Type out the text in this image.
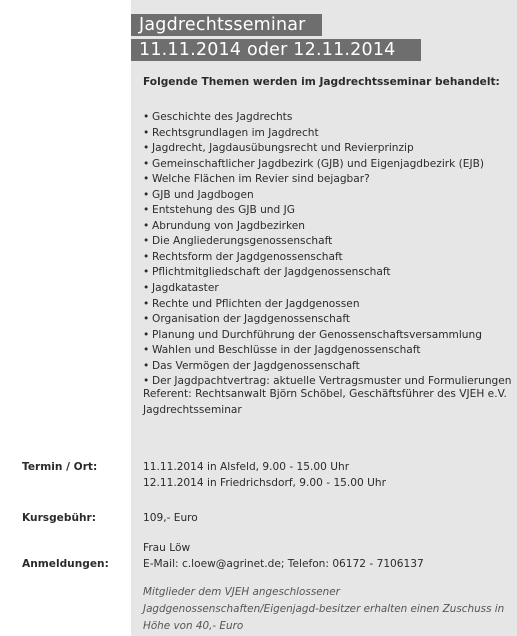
Jagdrechtsseminar
11.11.2014 oder 12.11.2014
Folgende Themen werden im Jagdrechtsseminar behandelt:
• Geschichte des Jagdrechts
• Rechtsgrundlagen im Jagdrecht
• Jagdrecht, Jagdausübungsrecht und Revierprinzip
• Gemeinschaftlicher Jagdbezirk (GJB) und Eigenjagdbezirk (EJB)
• Welche Flächen im Revier sind bejagbar?
• GJB und Jagdbogen
• Entstehung des GJB und JG
• Abrundung von Jagdbezirken
• Die Angliederungsgenossenschaft
• Rechtsform der Jagdgenossenschaft
• Pflichtmitgliedschaft der Jagdgenossenschaft
• Jagdkataster
• Rechte und Pflichten der Jagdgenossen
• Organisation der Jagdgenossenschaft
• Planung und Durchführung der Genossenschaftsversammlung
• Wahlen und Beschlüsse in der Jagdgenossenschaft
• Das Vermögen der Jagdgenossenschaft
• Der Jagdpachtvertrag: aktuelle Vertragsmuster und Formulierungen
Referent: Rechtsanwalt Björn Schöbel, Geschäftsführer des VJEH e.V. Jagdrechtsseminar
Termin / Ort:	11.11.2014 in Alsfeld, 9.00 - 15.00 Uhr
12.11.2014 in Friedrichsdorf, 9.00 - 15.00 Uhr
Kursgebühr:	109,- Euro
Frau Löw
Anmeldungen:	E-Mail: c.loew@agrinet.de; Telefon: 06172 - 7106137
Mitglieder dem VJEH angeschlossener Jagdgenossenschaften/Eigenjagd-besitzer erhalten einen Zuschuss in Höhe von 40,- Euro
